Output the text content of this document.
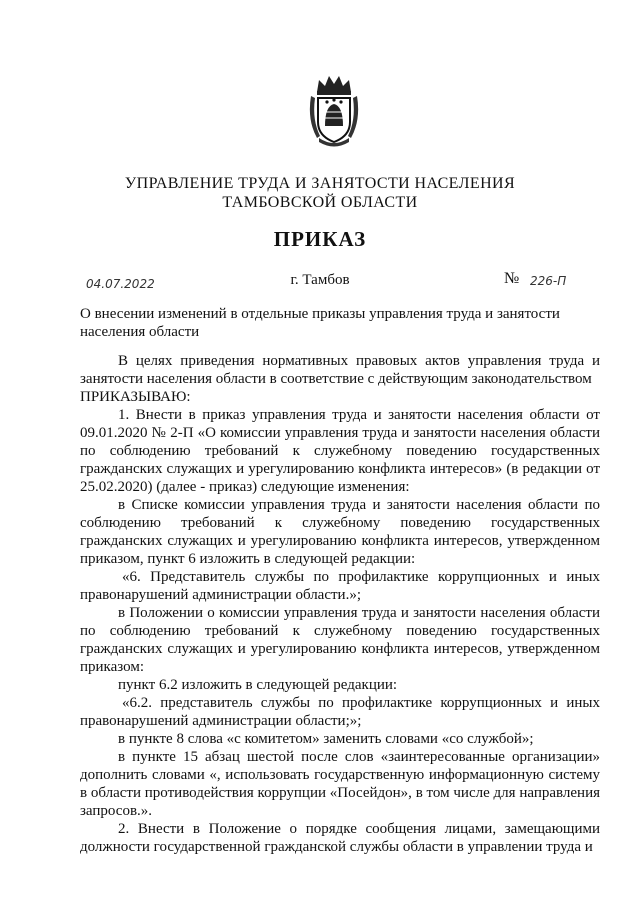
УПРАВЛЕНИЕ ТРУДА И ЗАНЯТОСТИ НАСЕЛЕНИЯ
ТАМБОВСКОЙ ОБЛАСТИ
ПРИКАЗ
04.07.2022	г. Тамбов	№ 226-П
О внесении изменений в отдельные приказы управления труда и занятости населения области

В целях приведения нормативных правовых актов управления труда и занятости населения области в соответствие с действующим законодательством

ПРИКАЗЫВАЮ:

1. Внести в приказ управления труда и занятости населения области от 09.01.2020 № 2-П «О комиссии управления труда и занятости населения области по соблюдению требований к служебному поведению государственных гражданских служащих и урегулированию конфликта интересов» (в редакции от 25.02.2020) (далее - приказ) следующие изменения:

в Списке комиссии управления труда и занятости населения области по соблюдению требований к служебному поведению государственных гражданских служащих и урегулированию конфликта интересов, утвержденном приказом, пункт 6 изложить в следующей редакции:

«6. Представитель службы по профилактике коррупционных и иных правонарушений администрации области.»;

в Положении о комиссии управления труда и занятости населения области по соблюдению требований к служебному поведению государственных гражданских служащих и урегулированию конфликта интересов, утвержденном приказом:

пункт 6.2 изложить в следующей редакции:

«6.2. представитель службы по профилактике коррупционных и иных правонарушений администрации области;»;

в пункте 8 слова «с комитетом» заменить словами «со службой»;

в пункте 15 абзац шестой после слов «заинтересованные организации» дополнить словами «, использовать государственную информационную систему в области противодействия коррупции «Посейдон», в том числе для направления запросов.».

2. Внести в Положение о порядке сообщения лицами, замещающими должности государственной гражданской службы области в управлении труда и
